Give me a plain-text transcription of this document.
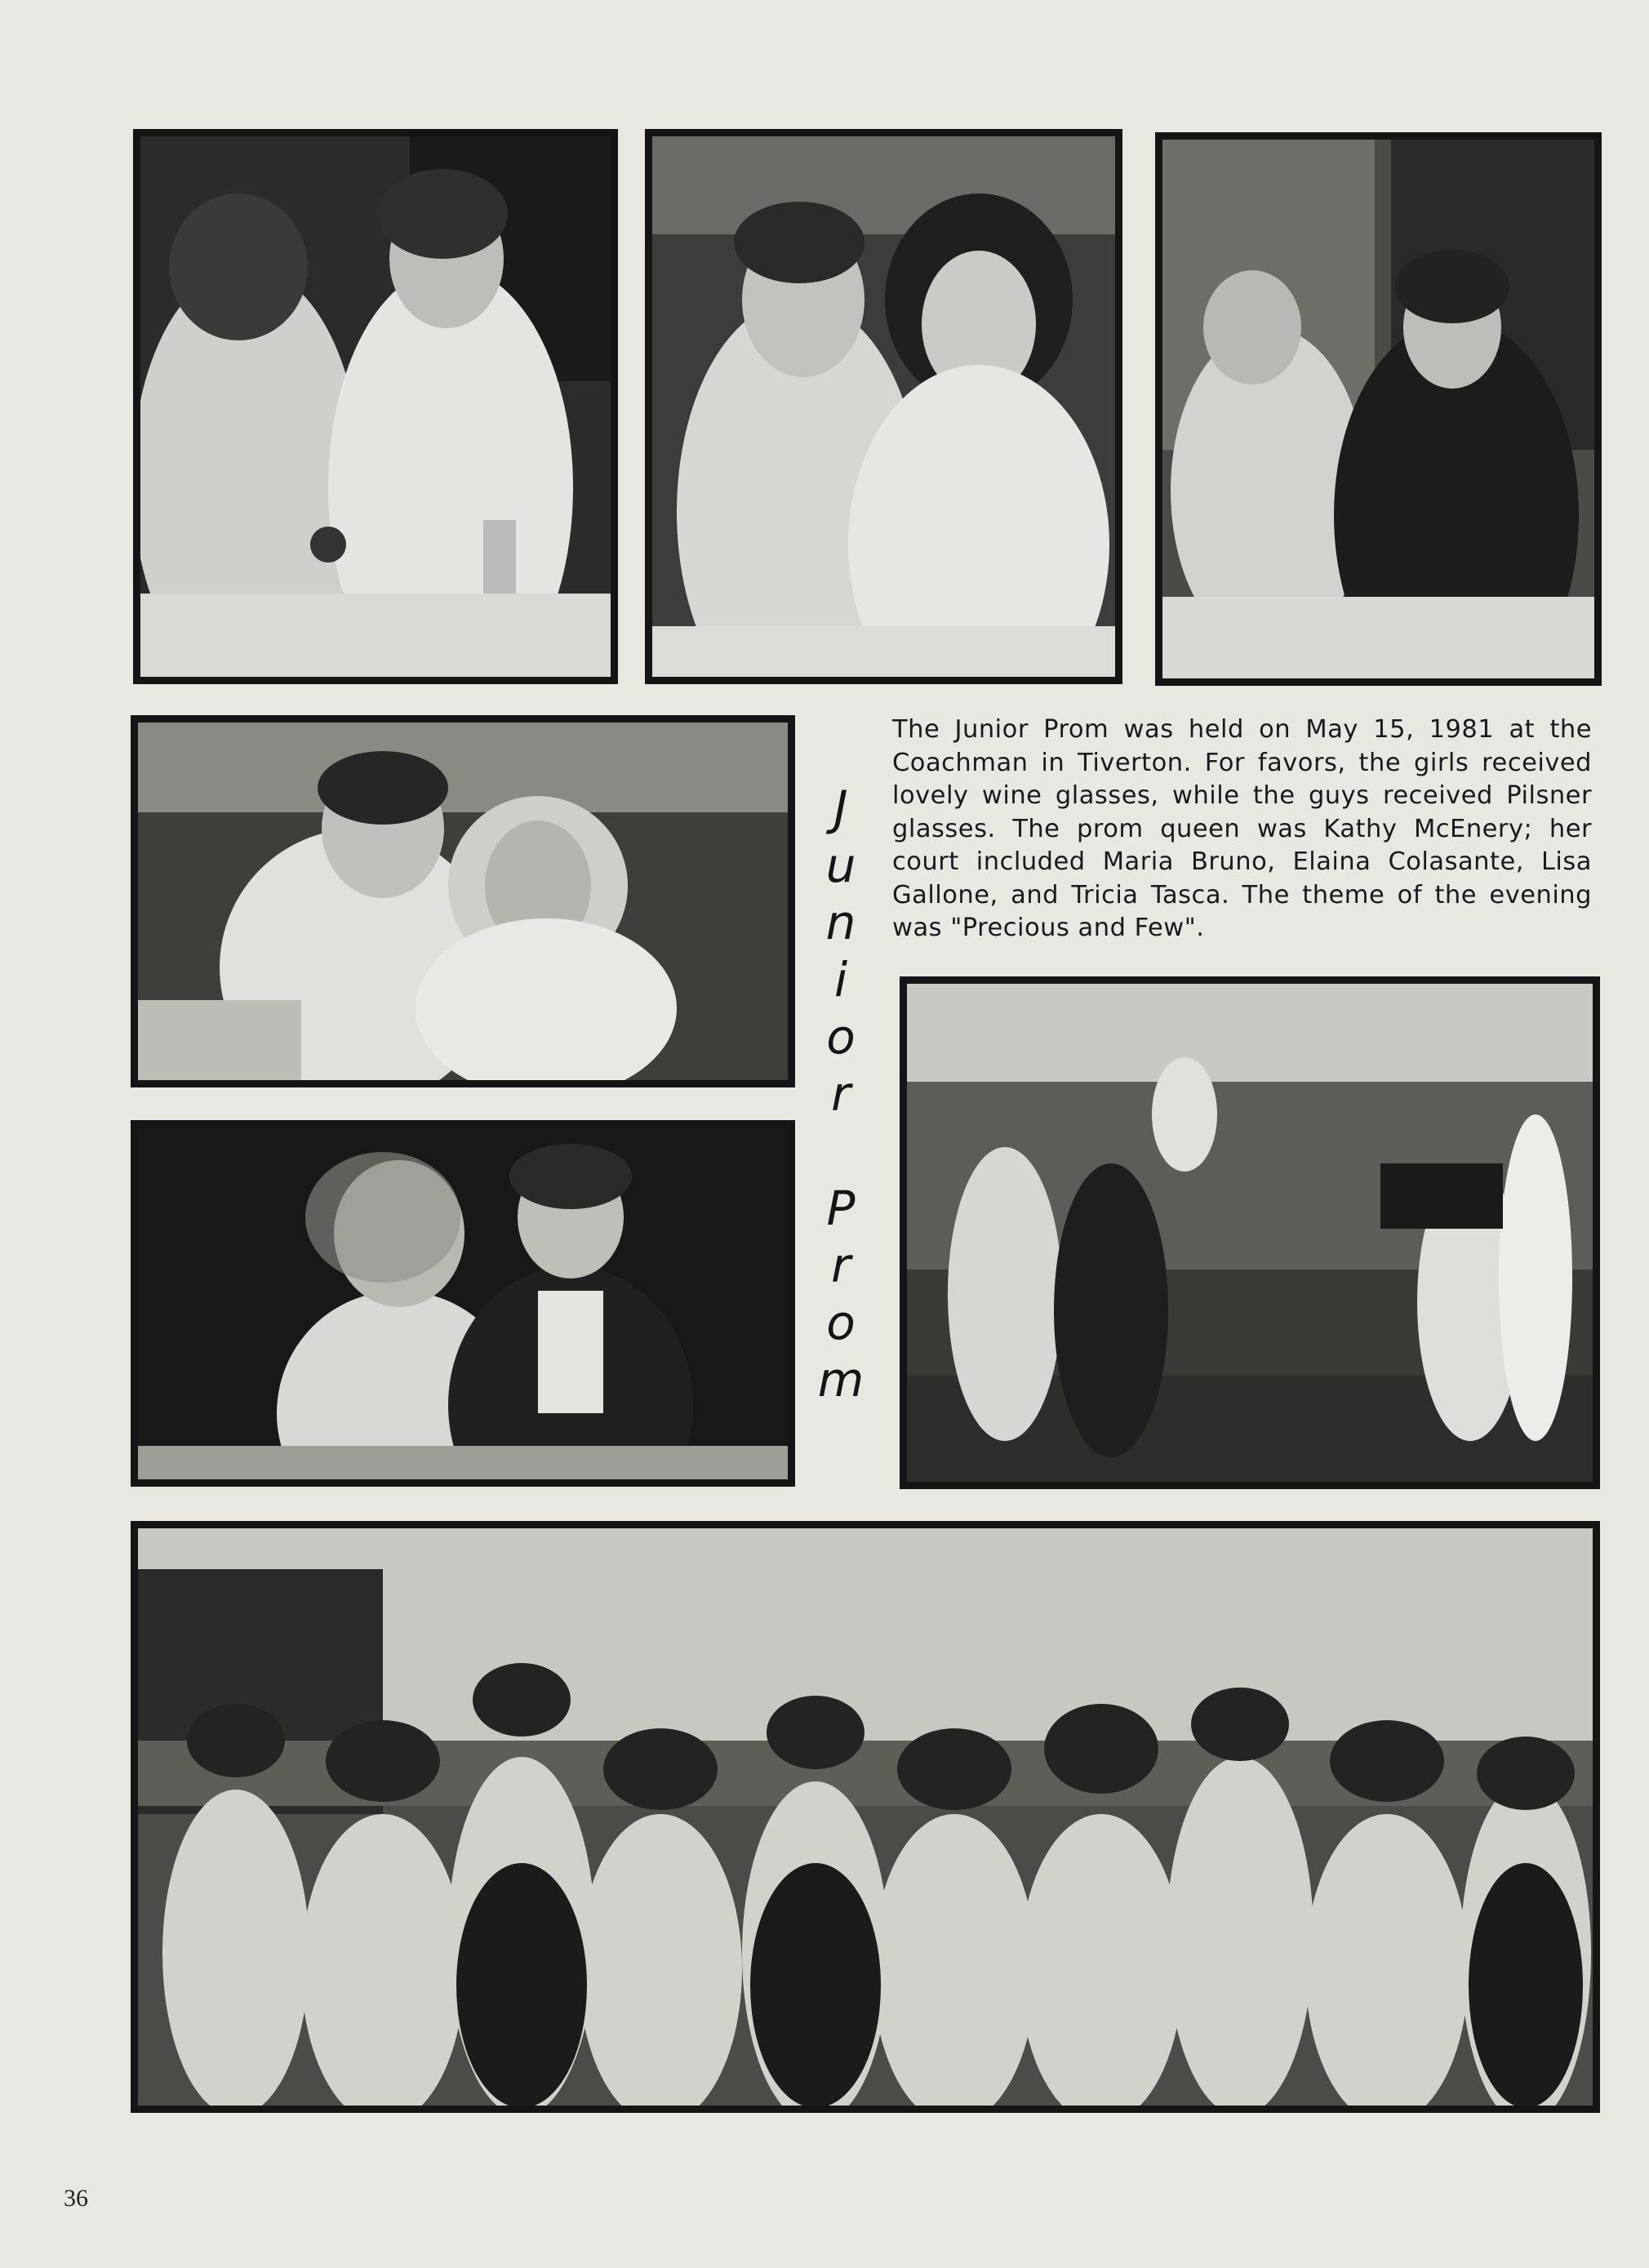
J
u
n
i
o
r
P
r
o
m
The Junior Prom was held on May 15, 1981 at the Coachman in Tiverton. For favors, the girls received lovely wine glasses, while the guys received Pilsner glasses. The prom queen was Kathy McEnery; her court included Maria Bruno, Elaina Colasante, Lisa Gallone, and Tricia Tasca. The theme of the evening was "Precious and Few".
36
